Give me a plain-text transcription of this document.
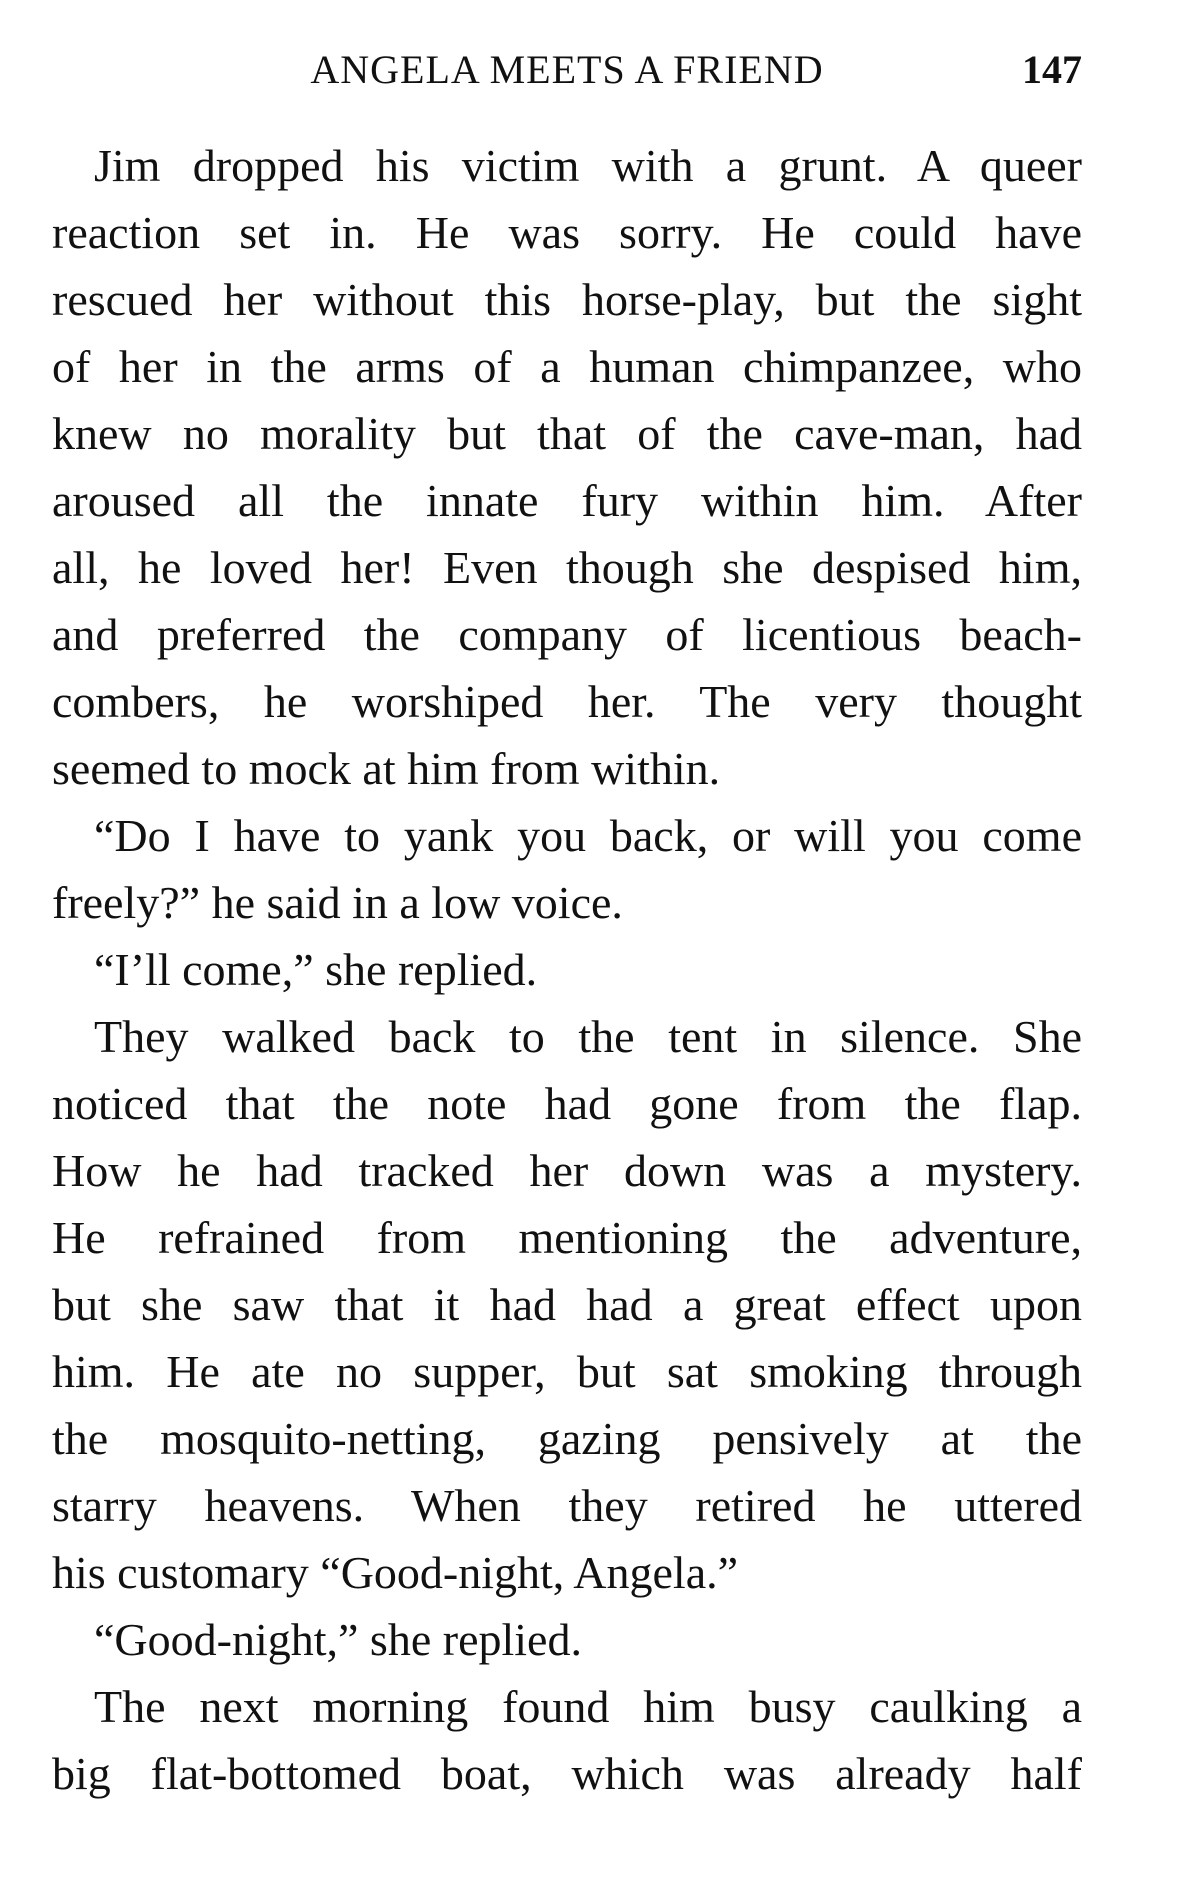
ANGELA MEETS A FRIEND	147
Jim dropped his victim with a grunt. A queer
reaction set in. He was sorry. He could have
rescued her without this horse-play, but the sight
of her in the arms of a human chimpanzee, who
knew no morality but that of the cave-man, had
aroused all the innate fury within him. After
all, he loved her! Even though she despised him,
and preferred the company of licentious beach-
combers, he worshiped her. The very thought
seemed to mock at him from within.
“Do I have to yank you back, or will you come
freely?” he said in a low voice.
“I’ll come,” she replied.
They walked back to the tent in silence. She
noticed that the note had gone from the flap.
How he had tracked her down was a mystery.
He refrained from mentioning the adventure,
but she saw that it had had a great effect upon
him. He ate no supper, but sat smoking through
the mosquito-netting, gazing pensively at the
starry heavens. When they retired he uttered
his customary “Good-night, Angela.”
“Good-night,” she replied.
The next morning found him busy caulking a
big flat-bottomed boat, which was already half
